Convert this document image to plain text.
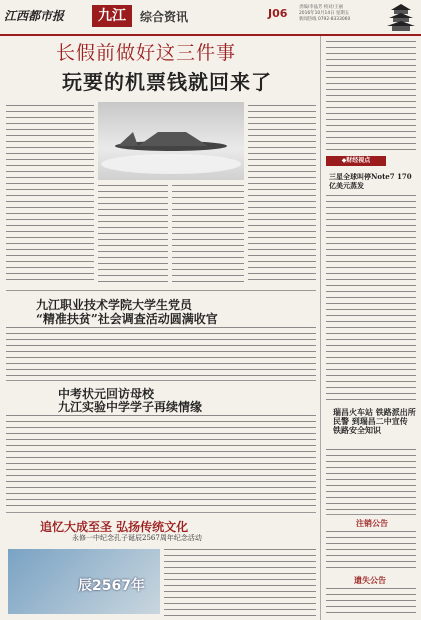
江西都市报	九江	综合资讯	J06	责编/李晶芳 校对/王丽
2016年10月14日 星期五
新闻热线 0792-8333060
长假前做好这三件事
玩要的机票钱就回来了
九江职业技术学院大学生党员
“精准扶贫”社会调查活动圆满收官
中考状元回访母校
九江实验中学学子再续情缘
追忆大成至圣 弘扬传统文化
永修一中纪念孔子诞辰2567周年纪念活动
辰2567年
◆财经视点
三星全球叫停Note7 170亿美元蒸发
瑞昌火车站 铁路派出所民警 到瑞昌二中宣传 铁路安全知识
注销公告
遗失公告
